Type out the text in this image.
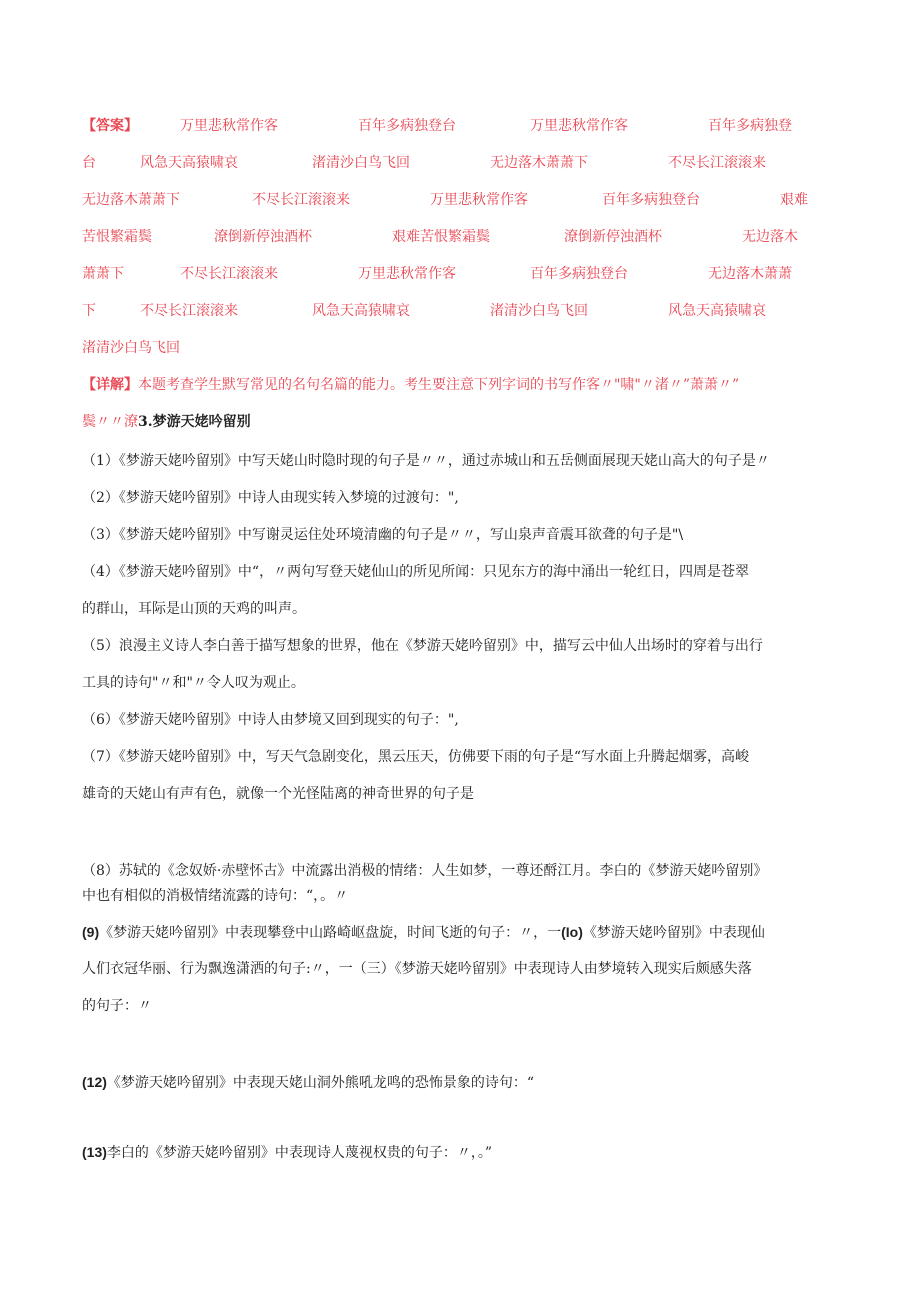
【答案】	万里悲秋常作客	百年多病独登台	万里悲秋常作客	百年多病独登
台	风急天高猿啸哀	渚清沙白鸟飞回	无边落木萧萧下	不尽长江滚滚来
无边落木萧萧下	不尽长江滚滚来	万里悲秋常作客	百年多病独登台	艰难
苦恨繁霜鬓	潦倒新停浊酒杯	艰难苦恨繁霜鬓	潦倒新停浊酒杯	无边落木
萧萧下	不尽长江滚滚来	万里悲秋常作客	百年多病独登台	无边落木萧萧
下	不尽长江滚滚来	风急天高猿啸哀	渚清沙白鸟飞回	风急天高猿啸哀
渚清沙白鸟飞回
【详解】本题考查学生默写常见的名句名篇的能力。考生要注意下列字词的书写作客〃"啸"〃渚〃”萧萧〃”
鬓〃〃潦3.梦游天姥吟留别
（1）《梦游天姥吟留别》中写天姥山时隐时现的句子是〃〃，通过赤城山和五岳侧面展现天姥山高大的句子是〃
（2）《梦游天姥吟留别》中诗人由现实转入梦境的过渡句：",
（3）《梦游天姥吟留别》中写谢灵运住处环境清幽的句子是〃〃，写山泉声音震耳欲聋的句子是"\
（4）《梦游天姥吟留别》中“，〃两句写登天姥仙山的所见所闻：只见东方的海中涌出一轮红日，四周是苍翠
的群山，耳际是山顶的天鸡的叫声。
（5）浪漫主义诗人李白善于描写想象的世界，他在《梦游天姥吟留别》中，描写云中仙人出场时的穿着与出行
工具的诗句"〃和"〃令人叹为观止。
（6）《梦游天姥吟留别》中诗人由梦境又回到现实的句子：",
（7）《梦游天姥吟留别》中，写天气急剧变化，黑云压天，仿佛要下雨的句子是“写水面上升腾起烟雾，高峻
雄奇的天姥山有声有色，就像一个光怪陆离的神奇世界的句子是
（8）苏轼的《念奴娇·赤壁怀古》中流露出消极的情绪：人生如梦，一尊还酹江月。李白的《梦游天姥吟留别》
中也有相似的消极情绪流露的诗句：“，。〃
(9)《梦游天姥吟留别》中表现攀登中山路崎岖盘旋，时间飞逝的句子：〃，一(Io)《梦游天姥吟留别》中表现仙
人们衣冠华丽、行为飘逸潇洒的句子:〃，一（三）《梦游天姥吟留别》中表现诗人由梦境转入现实后颇感失落
的句子：〃
(12)《梦游天姥吟留别》中表现天姥山洞外熊吼龙鸣的恐怖景象的诗句：“
(13)李白的《梦游天姥吟留别》中表现诗人蔑视权贵的句子：〃，。”
